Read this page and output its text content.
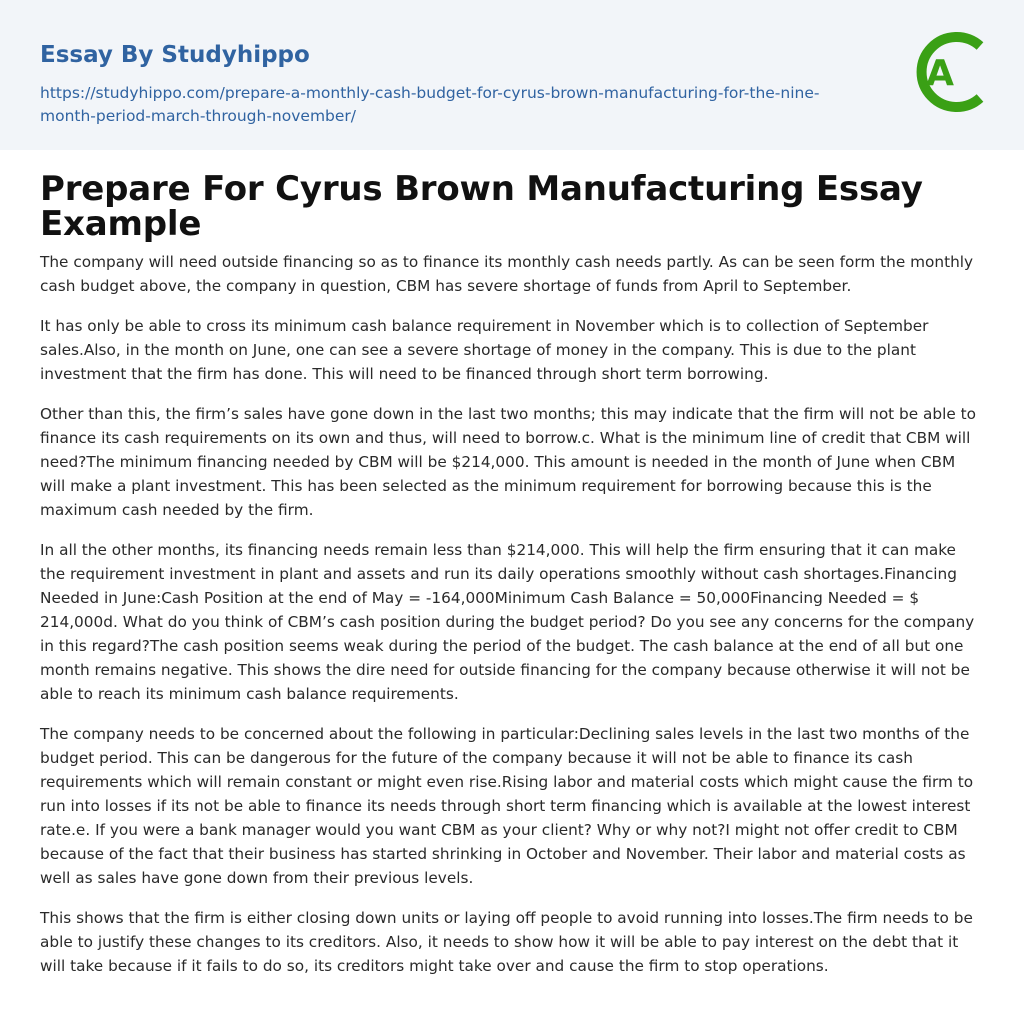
Essay By Studyhippo
https://studyhippo.com/prepare-a-monthly-cash-budget-for-cyrus-brown-manufacturing-for-the-nine-month-period-march-through-november/
A
Prepare For Cyrus Brown Manufacturing Essay Example

The company will need outside financing so as to finance its monthly cash needs partly. As can be seen form the monthly cash budget above, the company in question, CBM has severe shortage of funds from April to September.

It has only be able to cross its minimum cash balance requirement in November which is to collection of September sales.Also, in the month on June, one can see a severe shortage of money in the company. This is due to the plant investment that the firm has done. This will need to be financed through short term borrowing.

Other than this, the firm’s sales have gone down in the last two months; this may indicate that the firm will not be able to finance its cash requirements on its own and thus, will need to borrow.c. What is the minimum line of credit that CBM will need?The minimum financing needed by CBM will be $214,000. This amount is needed in the month of June when CBM will make a plant investment. This has been selected as the minimum requirement for borrowing because this is the maximum cash needed by the firm.

In all the other months, its financing needs remain less than $214,000. This will help the firm ensuring that it can make the requirement investment in plant and assets and run its daily operations smoothly without cash shortages.Financing Needed in June:Cash Position at the end of May = -164,000Minimum Cash Balance = 50,000Financing Needed = $ 214,000d. What do you think of CBM’s cash position during the budget period? Do you see any concerns for the company in this regard?The cash position seems weak during the period of the budget. The cash balance at the end of all but one month remains negative. This shows the dire need for outside financing for the company because otherwise it will not be able to reach its minimum cash balance requirements.

The company needs to be concerned about the following in particular:Declining sales levels in the last two months of the budget period. This can be dangerous for the future of the company because it will not be able to finance its cash requirements which will remain constant or might even rise.Rising labor and material costs which might cause the firm to run into losses if its not be able to finance its needs through short term financing which is available at the lowest interest rate.e. If you were a bank manager would you want CBM as your client? Why or why not?I might not offer credit to CBM because of the fact that their business has started shrinking in October and November. Their labor and material costs as well as sales have gone down from their previous levels.

This shows that the firm is either closing down units or laying off people to avoid running into losses.The firm needs to be able to justify these changes to its creditors. Also, it needs to show how it will be able to pay interest on the debt that it will take because if it fails to do so, its creditors might take over and cause the firm to stop operations.
